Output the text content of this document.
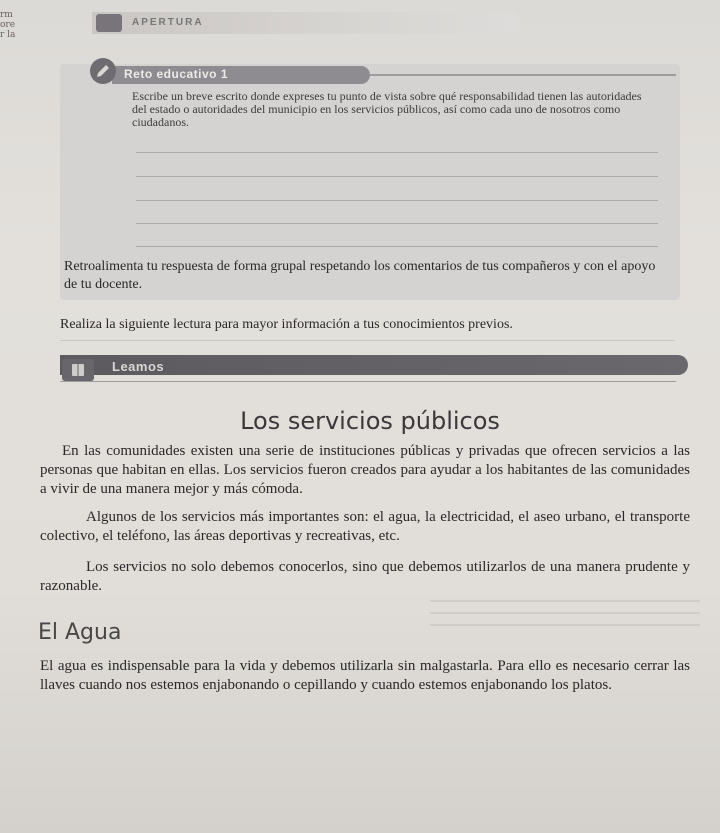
rm
ore
r la
APERTURA
Reto educativo 1
Escribe un breve escrito donde expreses tu punto de vista sobre qué responsabilidad tienen las autoridades del estado o autoridades del municipio en los servicios públicos, así como cada uno de nosotros como ciudadanos.
Retroalimenta tu respuesta de forma grupal respetando los comentarios de tus compañeros y con el apoyo de tu docente.
Realiza la siguiente lectura para mayor información a tus conocimientos previos.
Leamos
Los servicios públicos
En las comunidades existen una serie de instituciones públicas y privadas que ofrecen servicios a las personas que habitan en ellas. Los servicios fueron creados para ayudar a los habitantes de las comunidades a vivir de una manera mejor y más cómoda.
Algunos de los servicios más importantes son: el agua, la electricidad, el aseo urbano, el transporte colectivo, el teléfono, las áreas deportivas y recreativas, etc.
Los servicios no solo debemos conocerlos, sino que debemos utilizarlos de una manera prudente y razonable.
El Agua
El agua es indispensable para la vida y debemos utilizarla sin malgastarla. Para ello es necesario cerrar las llaves cuando nos estemos enjabonando o cepillando y cuando estemos enjabonando los platos.
